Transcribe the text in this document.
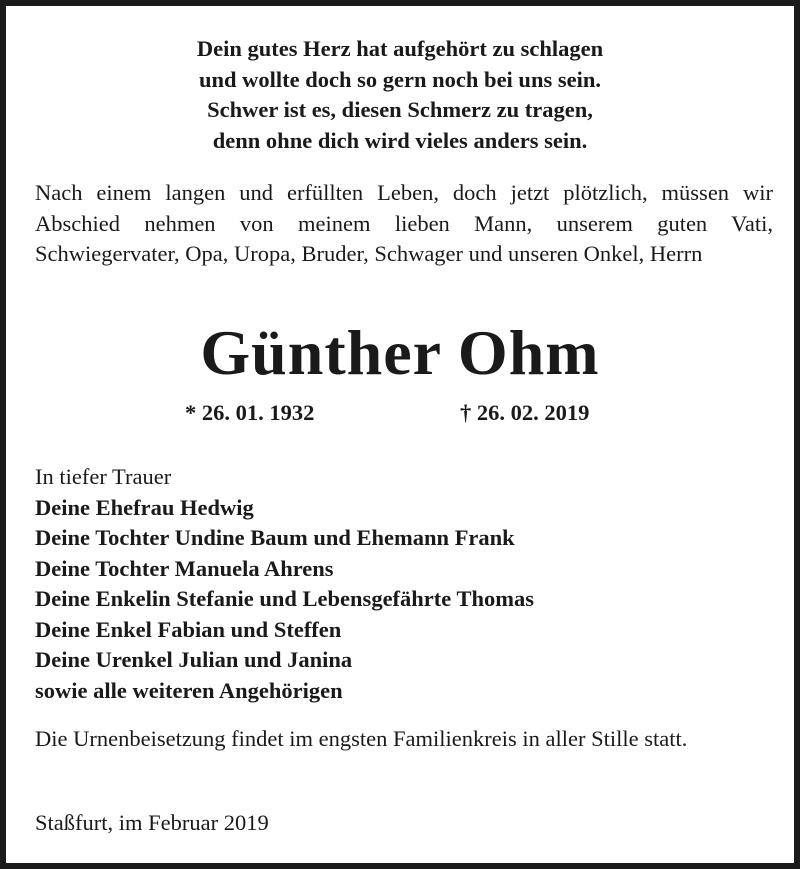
Dein gutes Herz hat aufgehört zu schlagen
und wollte doch so gern noch bei uns sein.
Schwer ist es, diesen Schmerz zu tragen,
denn ohne dich wird vieles anders sein.
Nach einem langen und erfüllten Leben, doch jetzt plötzlich, müssen wir Abschied nehmen von meinem lieben Mann, unserem guten Vati, Schwiegervater, Opa, Uropa, Bruder, Schwager und unseren Onkel, Herrn
Günther Ohm
* 26. 01. 1932	† 26. 02. 2019
In tiefer Trauer
Deine Ehefrau Hedwig
Deine Tochter Undine Baum und Ehemann Frank
Deine Tochter Manuela Ahrens
Deine Enkelin Stefanie und Lebensgefährte Thomas
Deine Enkel Fabian und Steffen
Deine Urenkel Julian und Janina
sowie alle weiteren Angehörigen
Die Urnenbeisetzung findet im engsten Familienkreis in aller Stille statt.
Staßfurt, im Februar 2019
